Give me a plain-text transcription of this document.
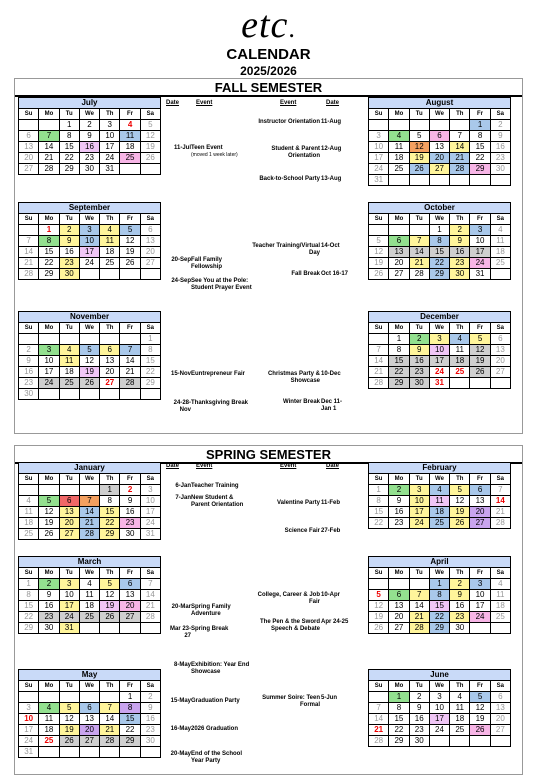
etc.
CALENDAR
2025/2026
FALL SEMESTER
July						
Su	Mo	Tu	We	Th	Fr	Sa
		1	2	3	4	5
6	7	8	9	10	11	12
13	14	15	16	17	18	19
20	21	22	23	24	25	26
27	28	29	30	31		
August						
Su	Mo	Tu	We	Th	Fr	Sa
					1	2
3	4	5	6	7	8	9
10	11	12	13	14	15	16
17	18	19	20	21	22	23
24	25	26	27	28	29	30
31						
September						
Su	Mo	Tu	We	Th	Fr	Sa
	1	2	3	4	5	6
7	8	9	10	11	12	13
14	15	16	17	18	19	20
21	22	23	24	25	26	27
28	29	30				
October						
Su	Mo	Tu	We	Th	Fr	Sa
			1	2	3	4
5	6	7	8	9	10	11
12	13	14	15	16	17	18
19	20	21	22	23	24	25
26	27	28	29	30	31	
November						
Su	Mo	Tu	We	Th	Fr	Sa
						1
2	3	4	5	6	7	8
9	10	11	12	13	14	15
16	17	18	19	20	21	22
23	24	25	26	27	28	29
30						
December						
Su	Mo	Tu	We	Th	Fr	Sa
	1	2	3	4	5	6
7	8	9	10	11	12	13
14	15	16	17	18	19	20
21	22	23	24	25	26	27
28	29	30	31			
Date	Event	Event	Date
11-Jul Teen Event
(moved 1 week later)
20-Sep Fall Family Fellowship
24-Sep See You at the Pole: Student Prayer Event
15-Nov Euntrepreneur Fair
24-28-Nov
Thanksgiving Break
Instructor Orientation 11-Aug
Student & Parent Orientation
12-Aug
Back-to-School Party 13-Aug
Teacher Training/Virtual Day
14-Oct
Fall Break Oct 16-17
Christmas Party & Showcase
10-Dec
Winter Break Dec 11-Jan 1
SPRING SEMESTER
January						
Su	Mo	Tu	We	Th	Fr	Sa
				1	2	3
4	5	6	7	8	9	10
11	12	13	14	15	16	17
18	19	20	21	22	23	24
25	26	27	28	29	30	31
February						
Su	Mo	Tu	We	Th	Fr	Sa
1	2	3	4	5	6	7
8	9	10	11	12	13	14
15	16	17	18	19	20	21
22	23	24	25	26	27	28
March						
Su	Mo	Tu	We	Th	Fr	Sa
1	2	3	4	5	6	7
8	9	10	11	12	13	14
15	16	17	18	19	20	21
22	23	24	25	26	27	28
29	30	31				
April						
Su	Mo	Tu	We	Th	Fr	Sa
			1	2	3	4
5	6	7	8	9	10	11
12	13	14	15	16	17	18
19	20	21	22	23	24	25
26	27	28	29	30		
May						
Su	Mo	Tu	We	Th	Fr	Sa
					1	2
3	4	5	6	7	8	9
10	11	12	13	14	15	16
17	18	19	20	21	22	23
24	25	26	27	28	29	30
31						
June						
Su	Mo	Tu	We	Th	Fr	Sa
	1	2	3	4	5	6
7	8	9	10	11	12	13
14	15	16	17	18	19	20
21	22	23	24	25	26	27
28	29	30				
Date	Event	Event	Date
6-Jan Teacher Training
7-Jan New Student & Parent Orientation
20-Mar Spring Family Adventure
Mar 23-27
Spring Break
8-May Exhibition: Year End Showcase
15-May Graduation Party
16-May 2026 Graduation
20-May End of the School Year Party
Valentine Party 11-Feb
Science Fair 27-Feb
College, Career & Job Fair
10-Apr
The Pen & the Sword Speech & Debate
Apr 24-25
Summer Soire: Teen Formal
5-Jun
